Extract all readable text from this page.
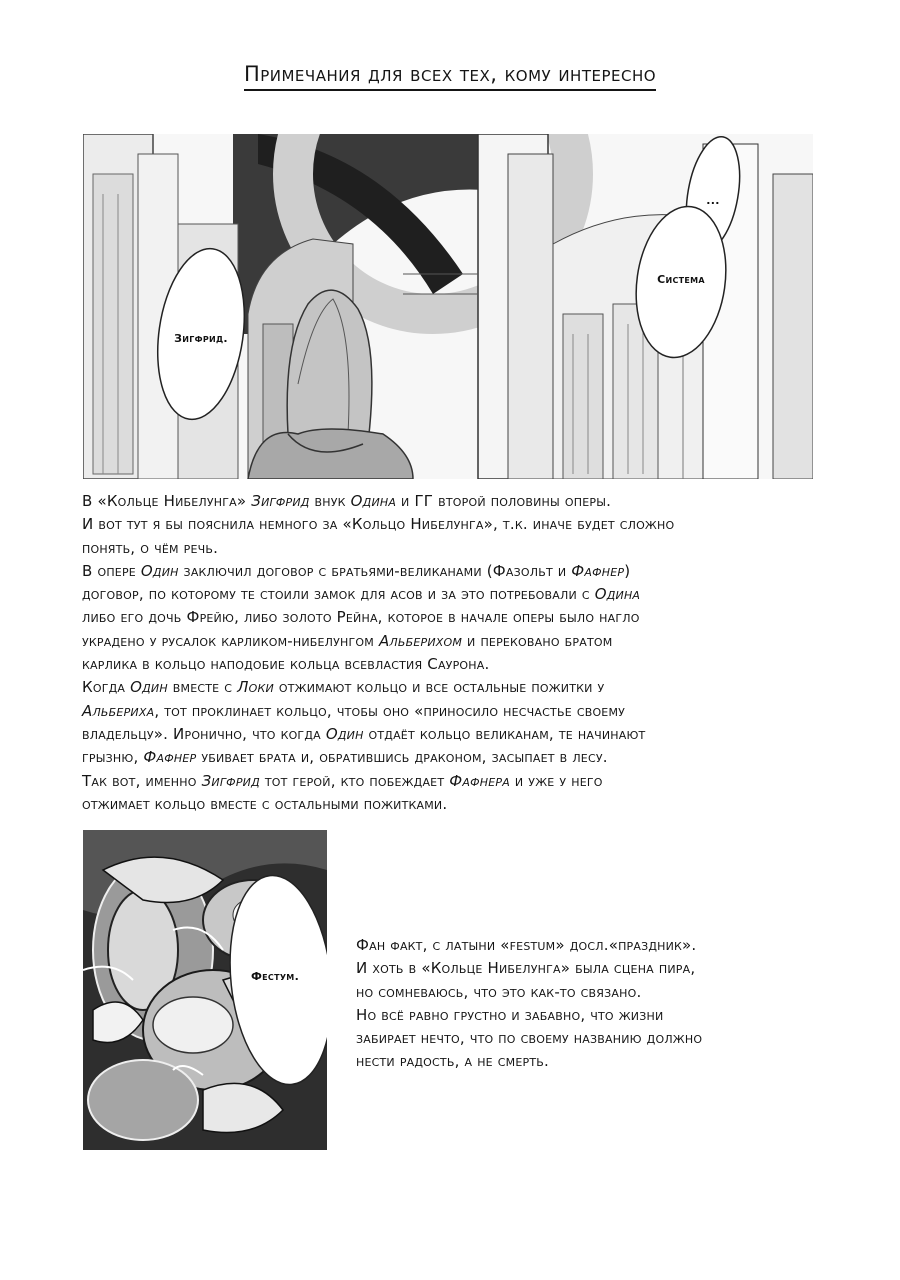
Примечания для всех тех, кому интересно
Зигфрид.
...
Система

В «Кольце Нибелунга» Зигфрид внук Одина и ГГ второй половины оперы.

И вот тут я бы пояснила немного за «Кольцо Нибелунга», т.к. иначе будет сложно

понять, о чём речь.

В опере Один заключил договор с братьями-великанами (Фазольт и Фафнер)

договор, по которому те стоили замок для асов и за это потребовали с Одина

либо его дочь Фрейю, либо золото Рейна, которое в начале оперы было нагло

украдено у русалок карликом-нибелунгом Альберихом и перековано братом

карлика в кольцо наподобие кольца всевластия Саурона.

Когда Один вместе с Локи отжимают кольцо и все остальные пожитки у

Альбериха, тот проклинает кольцо, чтобы оно «приносило несчастье своему

владельцу». Иронично, что когда Один отдаёт кольцо великанам, те начинают

грызню, Фафнер убивает брата и, обратившись драконом, засыпает в лесу.

Так вот, именно Зигфрид тот герой, кто побеждает Фафнера и уже у него

отжимает кольцо вместе с остальными пожитками.

Фестум.

Фан факт, с латыни «festum» досл.«праздник».

И хоть в «Кольце Нибелунга» была сцена пира,

но сомневаюсь, что это как-то связано.

Но всё равно грустно и забавно, что жизни

забирает нечто, что по своему названию должно

нести радость, а не смерть.
